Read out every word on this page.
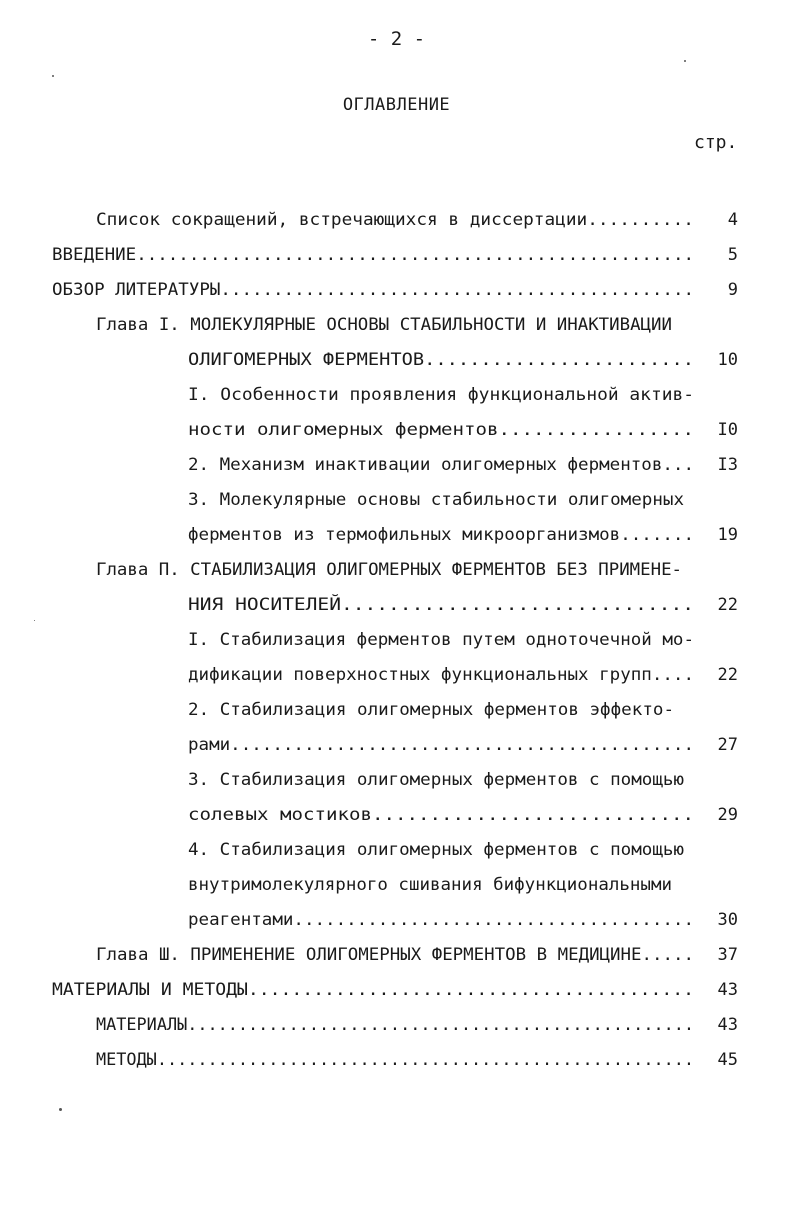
- 2 -
ОГЛАВЛЕНИЕ
стр.
Список сокращений, встречающихся в диссертации..........	4
ВВЕДЕНИЕ.....................................................	5
ОБЗОР ЛИТЕРАТУРЫ.............................................	9
Глава I. МОЛЕКУЛЯРНЫЕ ОСНОВЫ СТАБИЛЬНОСТИ И ИНАКТИВАЦИИ
ОЛИГОМЕРНЫХ ФЕРМЕНТОВ........................	10
I. Особенности проявления функциональной актив-
ности олигомерных ферментов.................	I0
2. Механизм инактивации олигомерных ферментов...	I3
3. Молекулярные основы стабильности олигомерных
ферментов из термофильных микроорганизмов.......	19
Глава П. СТАБИЛИЗАЦИЯ ОЛИГОМЕРНЫХ ФЕРМЕНТОВ БЕЗ ПРИМЕНЕ-
НИЯ НОСИТЕЛЕЙ..............................	22
I. Стабилизация ферментов путем одноточечной мо-
дификации поверхностных функциональных групп....	22
2. Стабилизация олигомерных ферментов эффекто-
рами............................................	27
3. Стабилизация олигомерных ферментов с помощью
солевых мостиков............................	29
4. Стабилизация олигомерных ферментов с помощью
внутримолекулярного сшивания бифункциональными
реагентами......................................	30
Глава Ш. ПРИМЕНЕНИЕ ОЛИГОМЕРНЫХ ФЕРМЕНТОВ В МЕДИЦИНЕ.....	37
МАТЕРИАЛЫ И МЕТОДЫ.........................................	43
МАТЕРИАЛЫ..................................................	43
МЕТОДЫ.....................................................	45
